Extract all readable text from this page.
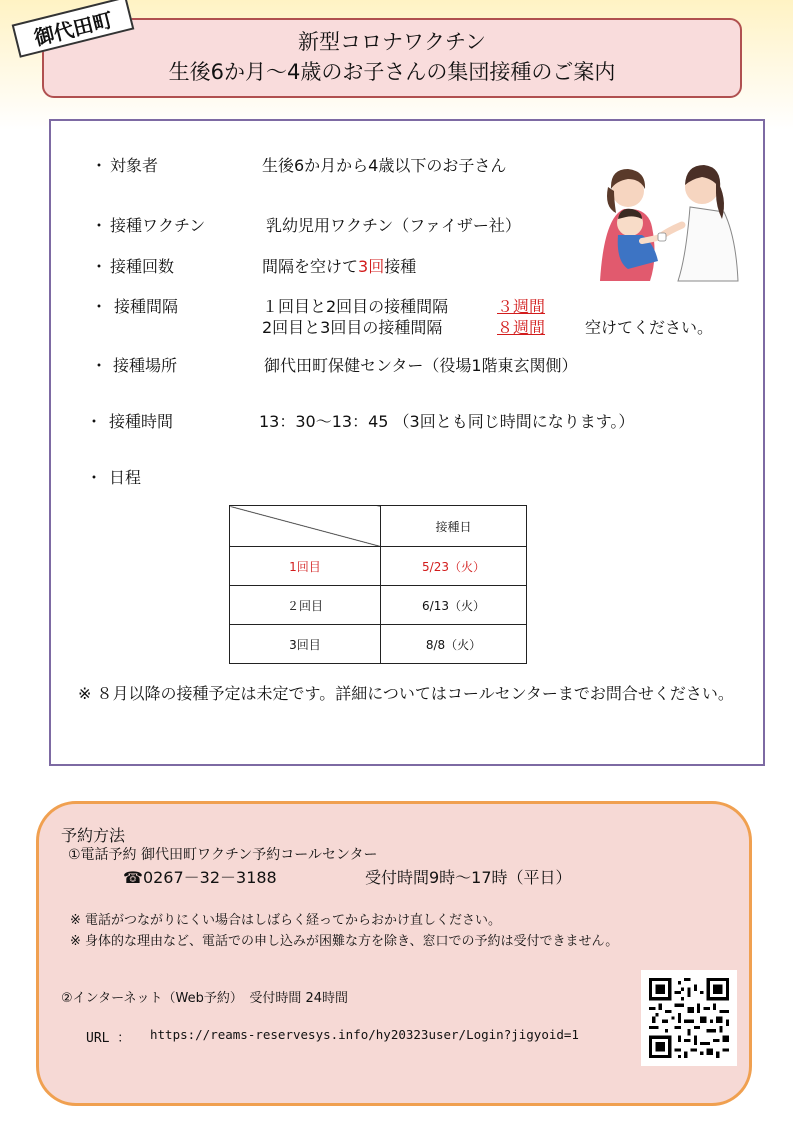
御代田町	新型コロナワクチン
生後6か月～4歳のお子さんの集団接種のご案内
・ 対象者	生後6か月から4歳以下のお子さん
・ 接種ワクチン	乳幼児用ワクチン（ファイザー社）
・ 接種回数	間隔を空けて3回接種
・ 接種間隔	１回目と2回目の接種間隔	３週間
2回目と3回目の接種間隔	８週間 空けてください。
・ 接種場所	御代田町保健センター（役場1階東玄関側）
・ 接種時間	13：30～13：45 （3回とも同じ時間になります。）
・ 日程
	接種日
1回目	5/23（火）
２回目	6/13（火）
3回目	8/8（火）
※ ８月以降の接種予定は未定です。詳細についてはコールセンターまでお問合せください。
予約方法
①電話予約 御代田町ワクチン予約コールセンター
☎0267－32－3188	受付時間9時～17時（平日）
※ 電話がつながりにくい場合はしばらく経ってからおかけ直しください。
※ 身体的な理由など、電話での申し込みが困難な方を除き、窓口での予約は受付できません。
②インターネット（Web予約）　受付時間 24時間
URL ： https://reams-reservesys.info/hy20323user/Login?jigyoid=1
